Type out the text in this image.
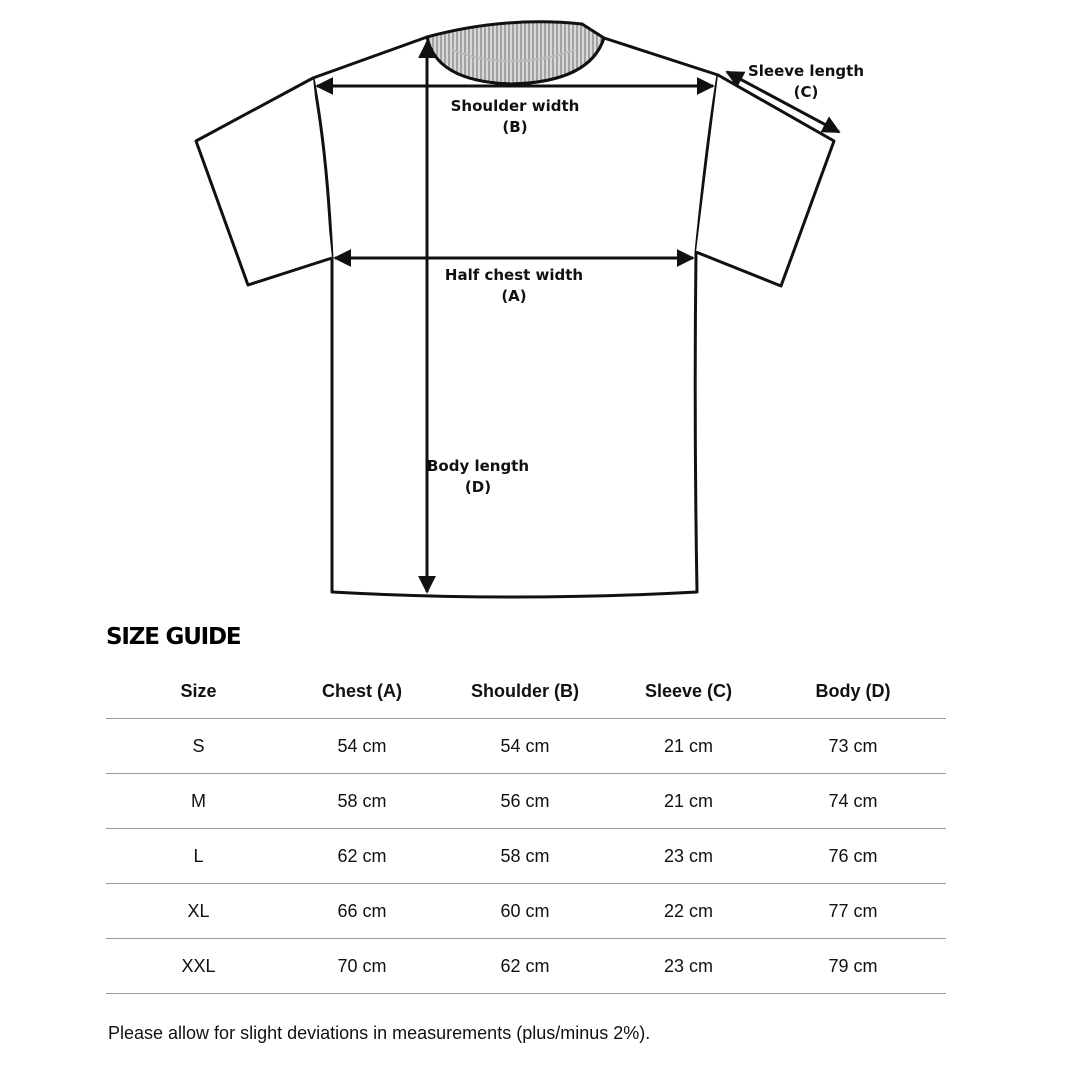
Shoulder width
(B)
Sleeve length
(C)
Half chest width
(A)
Body length
(D)
SIZE GUIDE
Size	Chest (A)	Shoulder (B)	Sleeve (C)	Body (D)
S	54 cm	54 cm	21 cm	73 cm
M	58 cm	56 cm	21 cm	74 cm
L	62 cm	58 cm	23 cm	76 cm
XL	66 cm	60 cm	22 cm	77 cm
XXL	70 cm	62 cm	23 cm	79 cm

Please allow for slight deviations in measurements (plus/minus 2%).
